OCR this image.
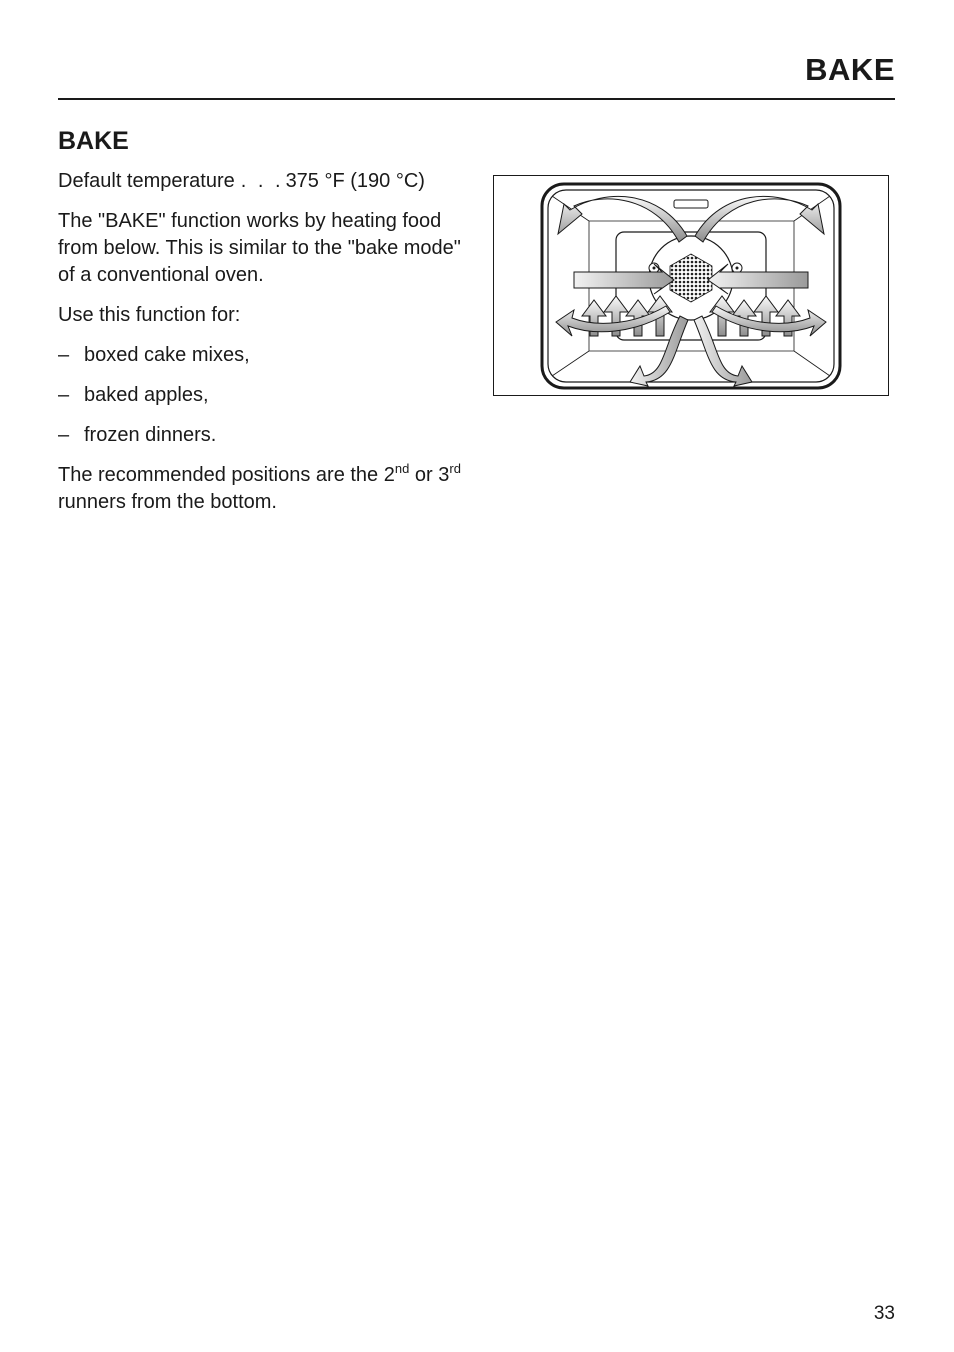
BAKE
BAKE

Default temperature . . . 375 °F (190 °C)

The "BAKE" function works by heating food from below. This is similar to the "bake mode" of a conventional oven.

Use this function for:

– boxed cake mixes,
– baked apples,
– frozen dinners.

The recommended positions are the 2nd or 3rd runners from the bottom.

33
